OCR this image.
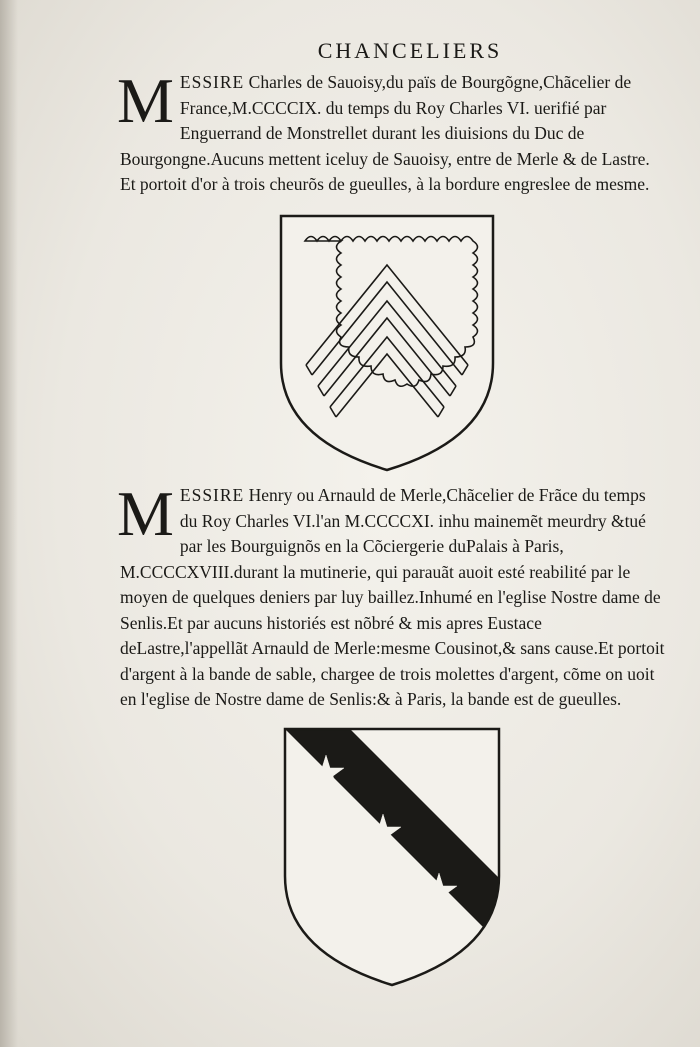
CHANCELIERS

MESSIRE Charles de Sauoisy,du païs de Bourgõgne,Chãcelier de France,M.CCCCIX. du temps du Roy Charles VI. uerifié par Enguerrand de Monstrellet durant les diuisions du Duc de Bourgongne.Aucuns mettent iceluy de Sauoisy, entre de Merle & de Lastre. Et portoit d'or à trois cheurõs de gueulles, à la bordure engreslee de mesme.

MESSIRE Henry ou Arnauld de Merle,Chãcelier de Frãce du temps du Roy Charles VI.l'an M.CCCCXI. inhu mainemẽt meurdry &tué par les Bourguignõs en la Cõciergerie duPalais à Paris, M.CCCCXVIII.durant la mutinerie, qui parauãt auoit esté reabilité par le moyen de quelques deniers par luy baillez.Inhumé en l'eglise Nostre dame de Senlis.Et par aucuns historiés est nõbré & mis apres Eustace deLastre,l'appellãt Arnauld de Merle:mesme Cousinot,& sans cause.Et portoit d'argent à la bande de sable, chargee de trois molettes d'argent, cõme on uoit en l'eglise de Nostre dame de Senlis:& à Paris, la bande est de gueulles.
